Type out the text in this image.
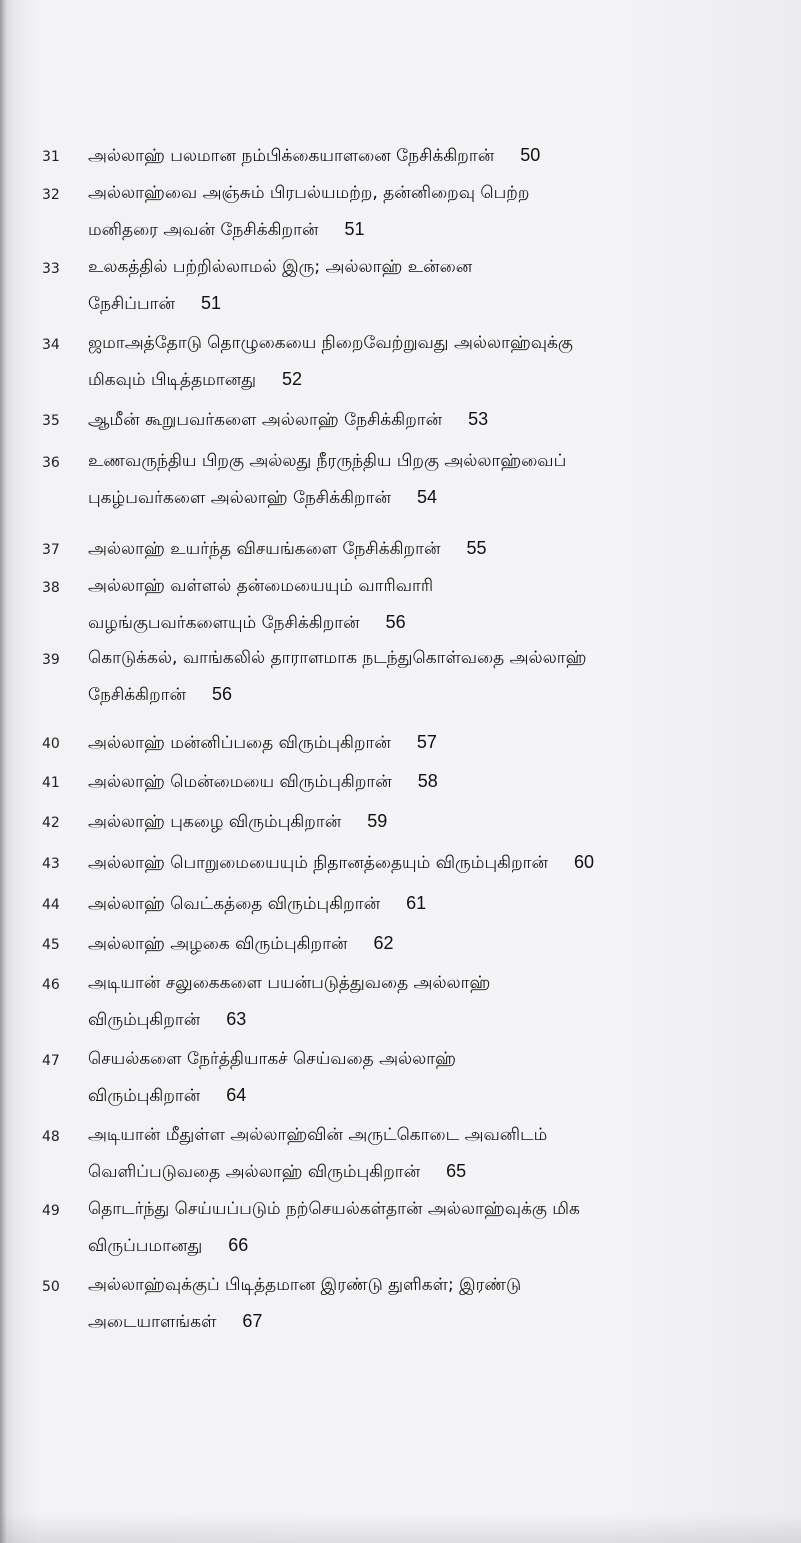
31	அல்லாஹ் பலமான நம்பிக்கையாளனை நேசிக்கிறான் 50
32	அல்லாஹ்வை அஞ்சும் பிரபல்யமற்ற, தன்னிறைவு பெற்ற
மனிதரை அவன் நேசிக்கிறான் 51
33	உலகத்தில் பற்றில்லாமல் இரு; அல்லாஹ் உன்னை
நேசிப்பான் 51
34	ஜமாஅத்தோடு தொழுகையை நிறைவேற்றுவது அல்லாஹ்வுக்கு
மிகவும் பிடித்தமானது 52
35	ஆமீன் கூறுபவர்களை அல்லாஹ் நேசிக்கிறான் 53
36	உணவருந்திய பிறகு அல்லது நீரருந்திய பிறகு அல்லாஹ்வைப்
புகழ்பவர்களை அல்லாஹ் நேசிக்கிறான் 54
37	அல்லாஹ் உயர்ந்த விசயங்களை நேசிக்கிறான் 55
38	அல்லாஹ் வள்ளல் தன்மையையும் வாரிவாரி
வழங்குபவர்களையும் நேசிக்கிறான் 56
39	கொடுக்கல், வாங்கலில் தாராளமாக நடந்துகொள்வதை அல்லாஹ்
நேசிக்கிறான் 56
40	அல்லாஹ் மன்னிப்பதை விரும்புகிறான் 57
41	அல்லாஹ் மென்மையை விரும்புகிறான் 58
42	அல்லாஹ் புகழை விரும்புகிறான் 59
43	அல்லாஹ் பொறுமையையும் நிதானத்தையும் விரும்புகிறான் 60
44	அல்லாஹ் வெட்கத்தை விரும்புகிறான் 61
45	அல்லாஹ் அழகை விரும்புகிறான் 62
46	அடியான் சலுகைகளை பயன்படுத்துவதை அல்லாஹ்
விரும்புகிறான் 63
47	செயல்களை நேர்த்தியாகச் செய்வதை அல்லாஹ்
விரும்புகிறான் 64
48	அடியான் மீதுள்ள அல்லாஹ்வின் அருட்கொடை அவனிடம்
வெளிப்படுவதை அல்லாஹ் விரும்புகிறான் 65
49	தொடர்ந்து செய்யப்படும் நற்செயல்கள்தான் அல்லாஹ்வுக்கு மிக
விருப்பமானது 66
50	அல்லாஹ்வுக்குப் பிடித்தமான இரண்டு துளிகள்; இரண்டு
அடையாளங்கள் 67
